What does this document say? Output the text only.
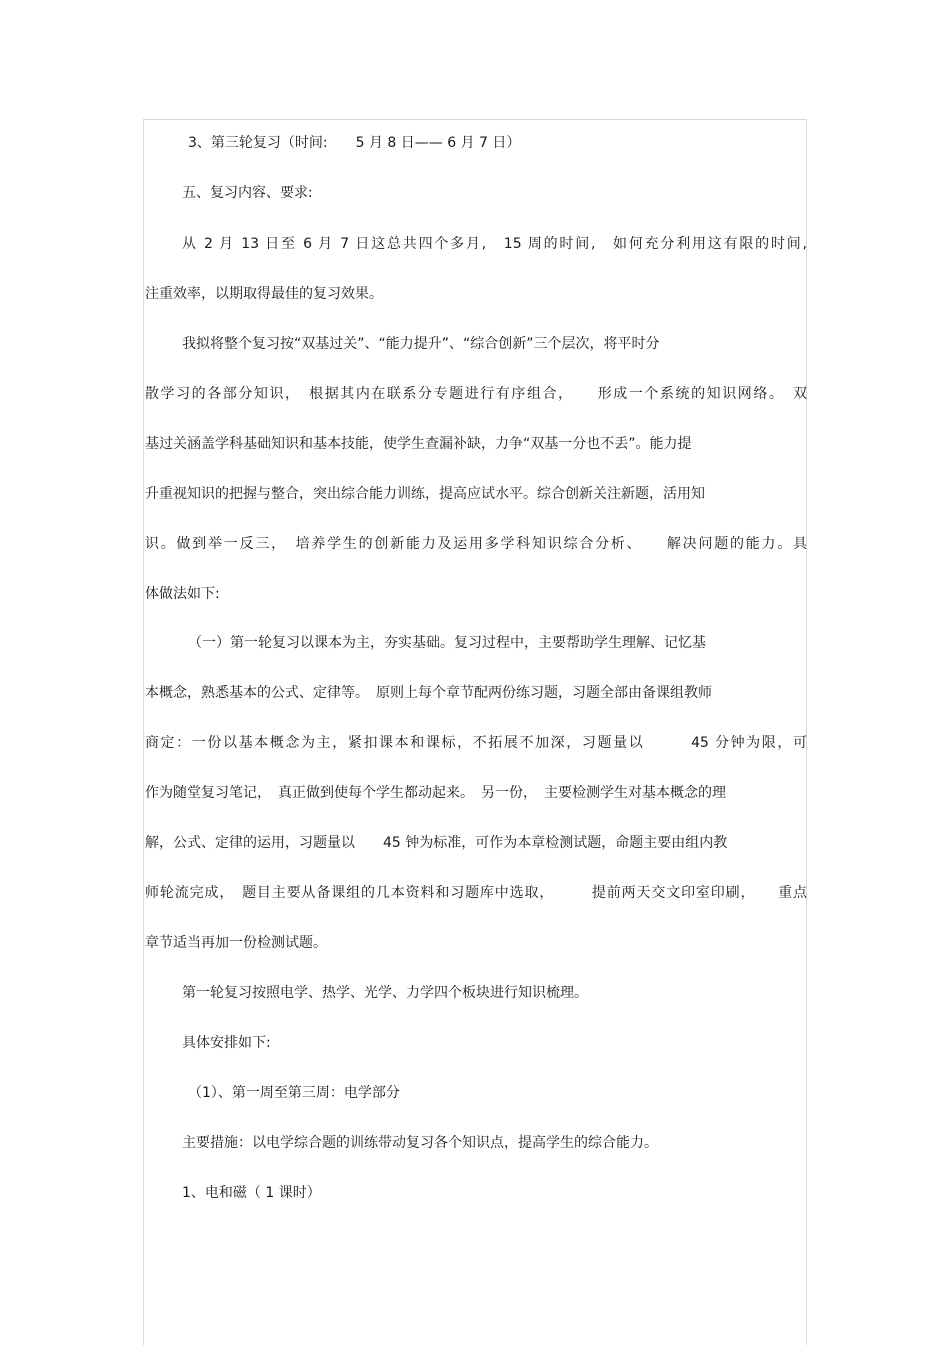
3、第三轮复习（时间:　　5 月 8 日—— 6 月 7 日）
五、复习内容、要求:
从 2 月 13 日至 6 月 7 日这总共四个多月,　15 周的时间,　如何充分利用这有限的时间,
注重效率，以期取得最佳的复习效果。
我拟将整个复习按“双基过关”、“能力提升”、“综合创新”三个层次，将平时分
散学习的各部分知识，　根据其内在联系分专题进行有序组合，　　形成一个系统的知识网络。　双
基过关涵盖学科基础知识和基本技能，使学生查漏补缺，力争“双基一分也不丢”。能力提
升重视知识的把握与整合，突出综合能力训练，提高应试水平。综合创新关注新题，活用知
识。做到举一反三，　培养学生的创新能力及运用多学科知识综合分析、　　解决问题的能力。具
体做法如下:
（一）第一轮复习以课本为主，夯实基础。复习过程中，主要帮助学生理解、记忆基
本概念，熟悉基本的公式、定律等。　原则上每个章节配两份练习题，习题全部由备课组教师
商定：一份以基本概念为主，紧扣课本和课标，不拓展不加深，习题量以　　　45 分钟为限，可
作为随堂复习笔记，　真正做到使每个学生都动起来。　另一份，　主要检测学生对基本概念的理
解，公式、定律的运用，习题量以　　45 钟为标准，可作为本章检测试题，命题主要由组内教
师轮流完成，　题目主要从备课组的几本资料和习题库中选取，　　　提前两天交文印室印刷，　　重点
章节适当再加一份检测试题。
第一轮复习按照电学、热学、光学、力学四个板块进行知识梳理。
具体安排如下:
（1）、第一周至第三周：电学部分
主要措施：以电学综合题的训练带动复习各个知识点，提高学生的综合能力。
1、电和磁（ 1 课时）
